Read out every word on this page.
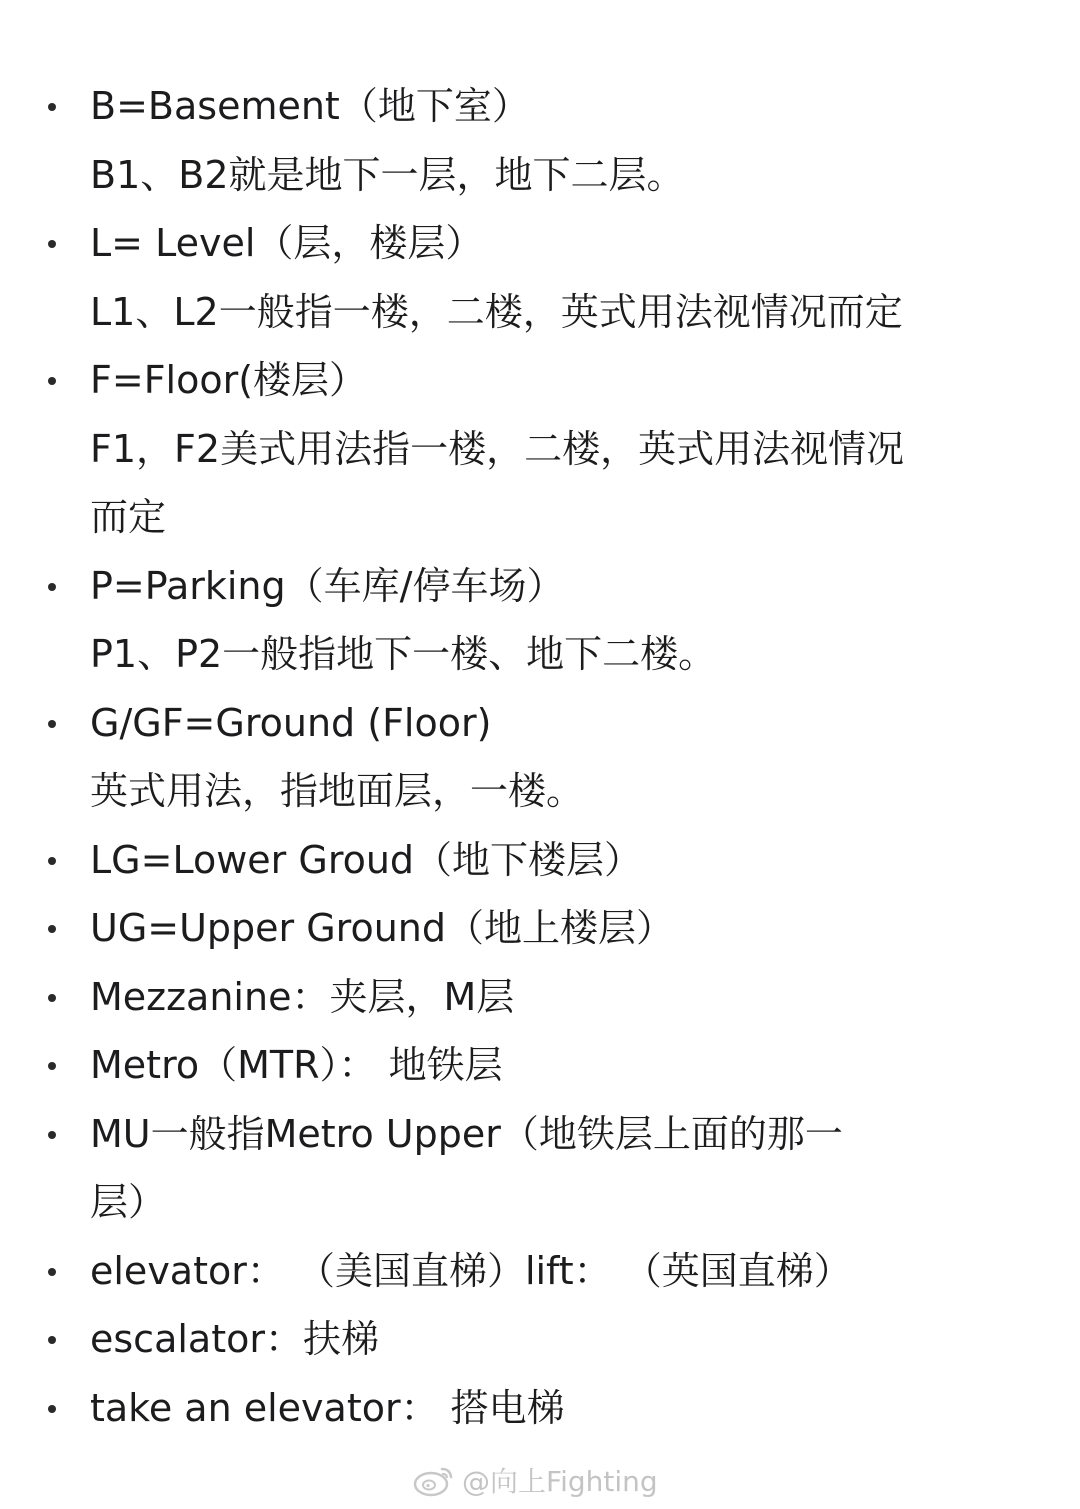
B=Basement（地下室）
B1、B2就是地下一层，地下二层。
L= Level（层，楼层）
L1、L2一般指一楼，二楼，英式用法视情况而定
F=Floor(楼层）
F1，F2美式用法指一楼，二楼，英式用法视情况
而定
P=Parking（车库/停车场）
P1、P2一般指地下一楼、地下二楼。
G/GF=Ground (Floor)
英式用法，指地面层，一楼。
LG=Lower Groud（地下楼层）
UG=Upper Ground（地上楼层）
Mezzanine：夹层，M层
Metro（MTR）： 地铁层
MU一般指Metro Upper（地铁层上面的那一
层）
elevator： （美国直梯）lift： （英国直梯）
escalator：扶梯
take an elevator： 搭电梯
@向上Fighting
